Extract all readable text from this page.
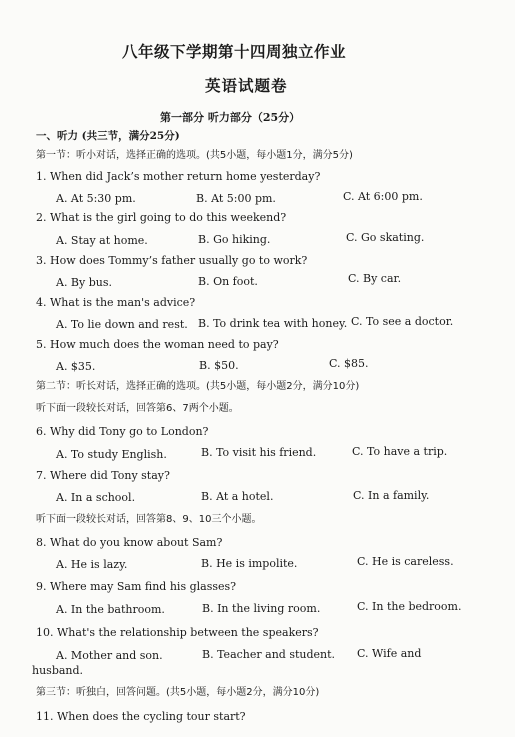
八年级下学期第十四周独立作业
英语试题卷
第一部分 听力部分（25分）
一、听力 (共三节，满分25分)
第一节：听小对话，选择正确的选项。(共5小题，每小题1分，满分5分)
1. When did Jack’s mother return home yesterday?
A. At 5:30 pm.	B. At 5:00 pm.	C. At 6:00 pm.
2. What is the girl going to do this weekend?
A. Stay at home.	B. Go hiking.	C. Go skating.
3. How does Tommy’s father usually go to work?
A. By bus.	B. On foot.	C. By car.
4. What is the man's advice?
A. To lie down and rest. B. To drink tea with honey. C. To see a doctor.
5. How much does the woman need to pay?
A. $35.	B. $50.	C. $85.
第二节：听长对话，选择正确的选项。(共5小题，每小题2分，满分10分)
听下面一段较长对话，回答第6、7两个小题。
6. Why did Tony go to London?
A. To study English.	B. To visit his friend.	C. To have a trip.
7. Where did Tony stay?
A. In a school.	B. At a hotel.	C. In a family.
听下面一段较长对话，回答第8、9、10三个小题。
8. What do you know about Sam?
A. He is lazy.	B. He is impolite.	C. He is careless.
9. Where may Sam find his glasses?
A. In the bathroom.	B. In the living room.	C. In the bedroom.
10. What's the relationship between the speakers?
A. Mother and son.	B. Teacher and student. C. Wife and
husband.
第三节：听独白，回答问题。(共5小题，每小题2分，满分10分)
11. When does the cycling tour start?
